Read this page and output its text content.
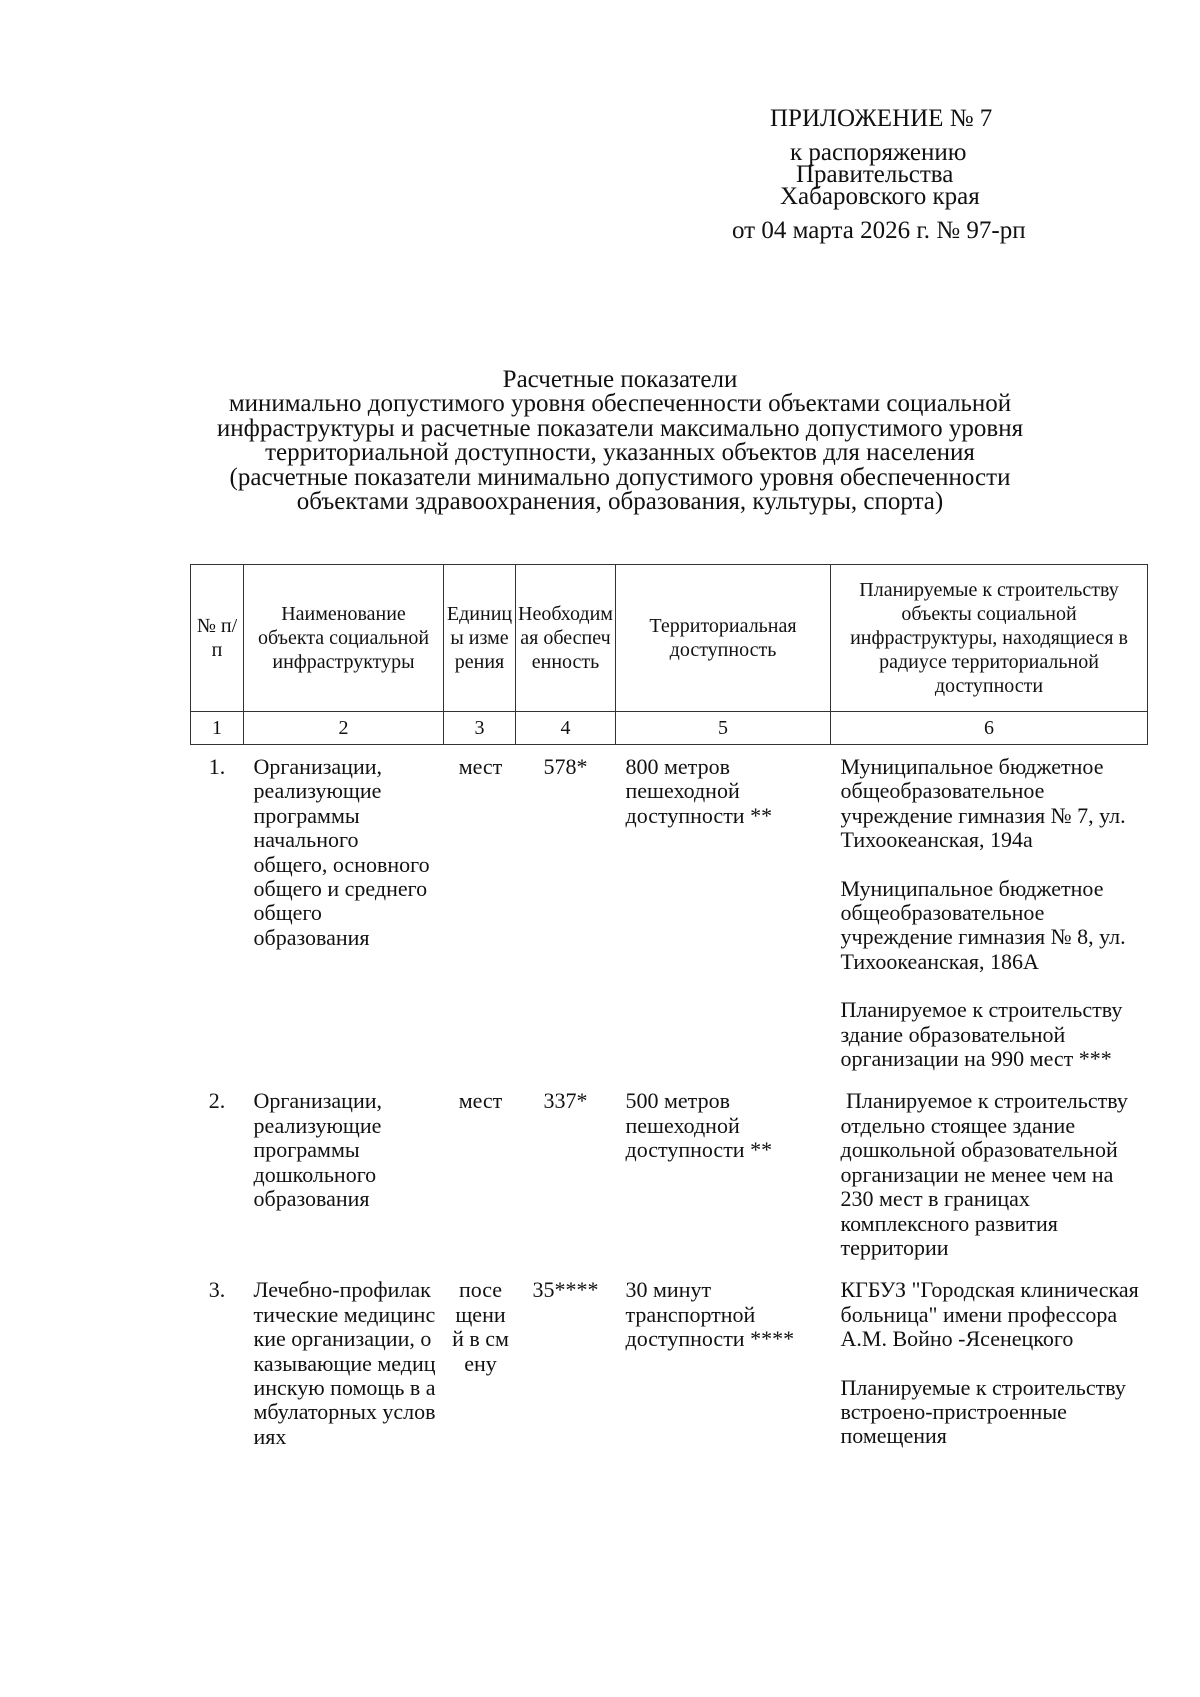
ПРИЛОЖЕНИЕ № 7
к распоряжению
Правительства
Хабаровского края
от 04 марта 2026 г. № 97-рп
Расчетные показатели
минимально допустимого уровня обеспеченности объектами социальной
инфраструктуры и расчетные показатели максимально допустимого уровня
территориальной доступности, указанных объектов для населения
(расчетные показатели минимально допустимого уровня обеспеченности
объектами здравоохранения, образования, культуры, спорта)
№ п/п	Наименование объекта социальной инфраструктуры	Единицы измерения	Необходимая обеспеченность	Территориальная доступность	Планируемые к строительству объекты социальной инфраструктуры, находящиеся в радиусе территориальной доступности
1	2	3	4	5	6
1.	Организации, реализующие программы начального общего, основного общего и среднего общего образования	мест	578*	800 метров пешеходной доступности **	Муниципальное бюджетное общеобразовательное учреждение гимназия № 7, ул. Тихоокеанская, 194а
Муниципальное бюджетное общеобразовательное учреждение гимназия № 8, ул. Тихоокеанская, 186А
Планируемое к строительству здание образовательной организации на 990 мест ***

2.	Организации, реализующие программы дошкольного образования	мест	337*	500 метров пешеходной доступности **	Планируемое к строительству отдельно стоящее здание дошкольной образовательной организации не менее чем на 230 мест в границах комплексного развития территории

3.	Лечебно-профилактические медицинские организации, оказывающие медицинскую помощь в амбулаторных условиях	посещений в смену	35****	30 минут транспортной доступности ****	КГБУЗ "Городская клиническая больница" имени профессора А.М. Войно -Ясенецкого
Планируемые к строительству встроено-пристроенные помещения
